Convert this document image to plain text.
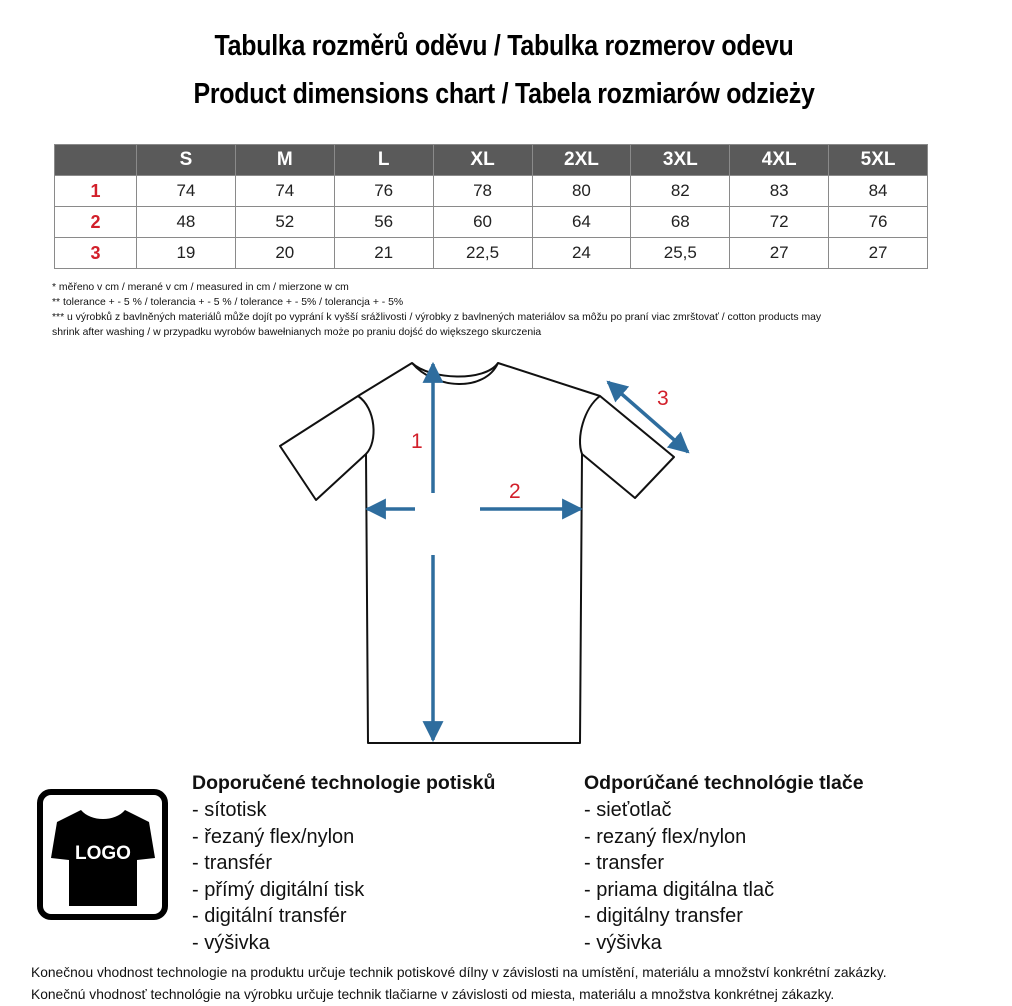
Tabulka rozměrů oděvu / Tabulka rozmerov odevu
Product dimensions chart / Tabela rozmiarów odzieży
	S	M	L	XL	2XL	3XL	4XL	5XL
1	74	74	76	78	80	82	83	84
2	48	52	56	60	64	68	72	76
3	19	20	21	22,5	24	25,5	27	27
* měřeno v cm / merané v cm / measured in cm / mierzone w cm
** tolerance + - 5 % / tolerancia + - 5 % / tolerance + - 5% / tolerancja + - 5%
*** u výrobků z bavlněných materiálů může dojít po vyprání k vyšší srážlivosti / výrobky z bavlnených materiálov sa môžu po praní viac zmrštovať / cotton products may
shrink after washing / w przypadku wyrobów bawełnianych może po praniu dojść do większego skurczenia
1
2
3
LOGO
Doporučené technologie potisků
- sítotisk
- řezaný flex/nylon
- transfér
- přímý digitální tisk
- digitální transfér
- výšivka
Odporúčané technológie tlače
- sieťotlač
- rezaný flex/nylon
- transfer
- priama digitálna tlač
- digitálny transfer
- výšivka
Konečnou vhodnost technologie na produktu určuje technik potiskové dílny v závislosti na umístění, materiálu a množství konkrétní zakázky.
Konečnú vhodnosť technológie na výrobku určuje technik tlačiarne v závislosti od miesta, materiálu a množstva konkrétnej zákazky.
